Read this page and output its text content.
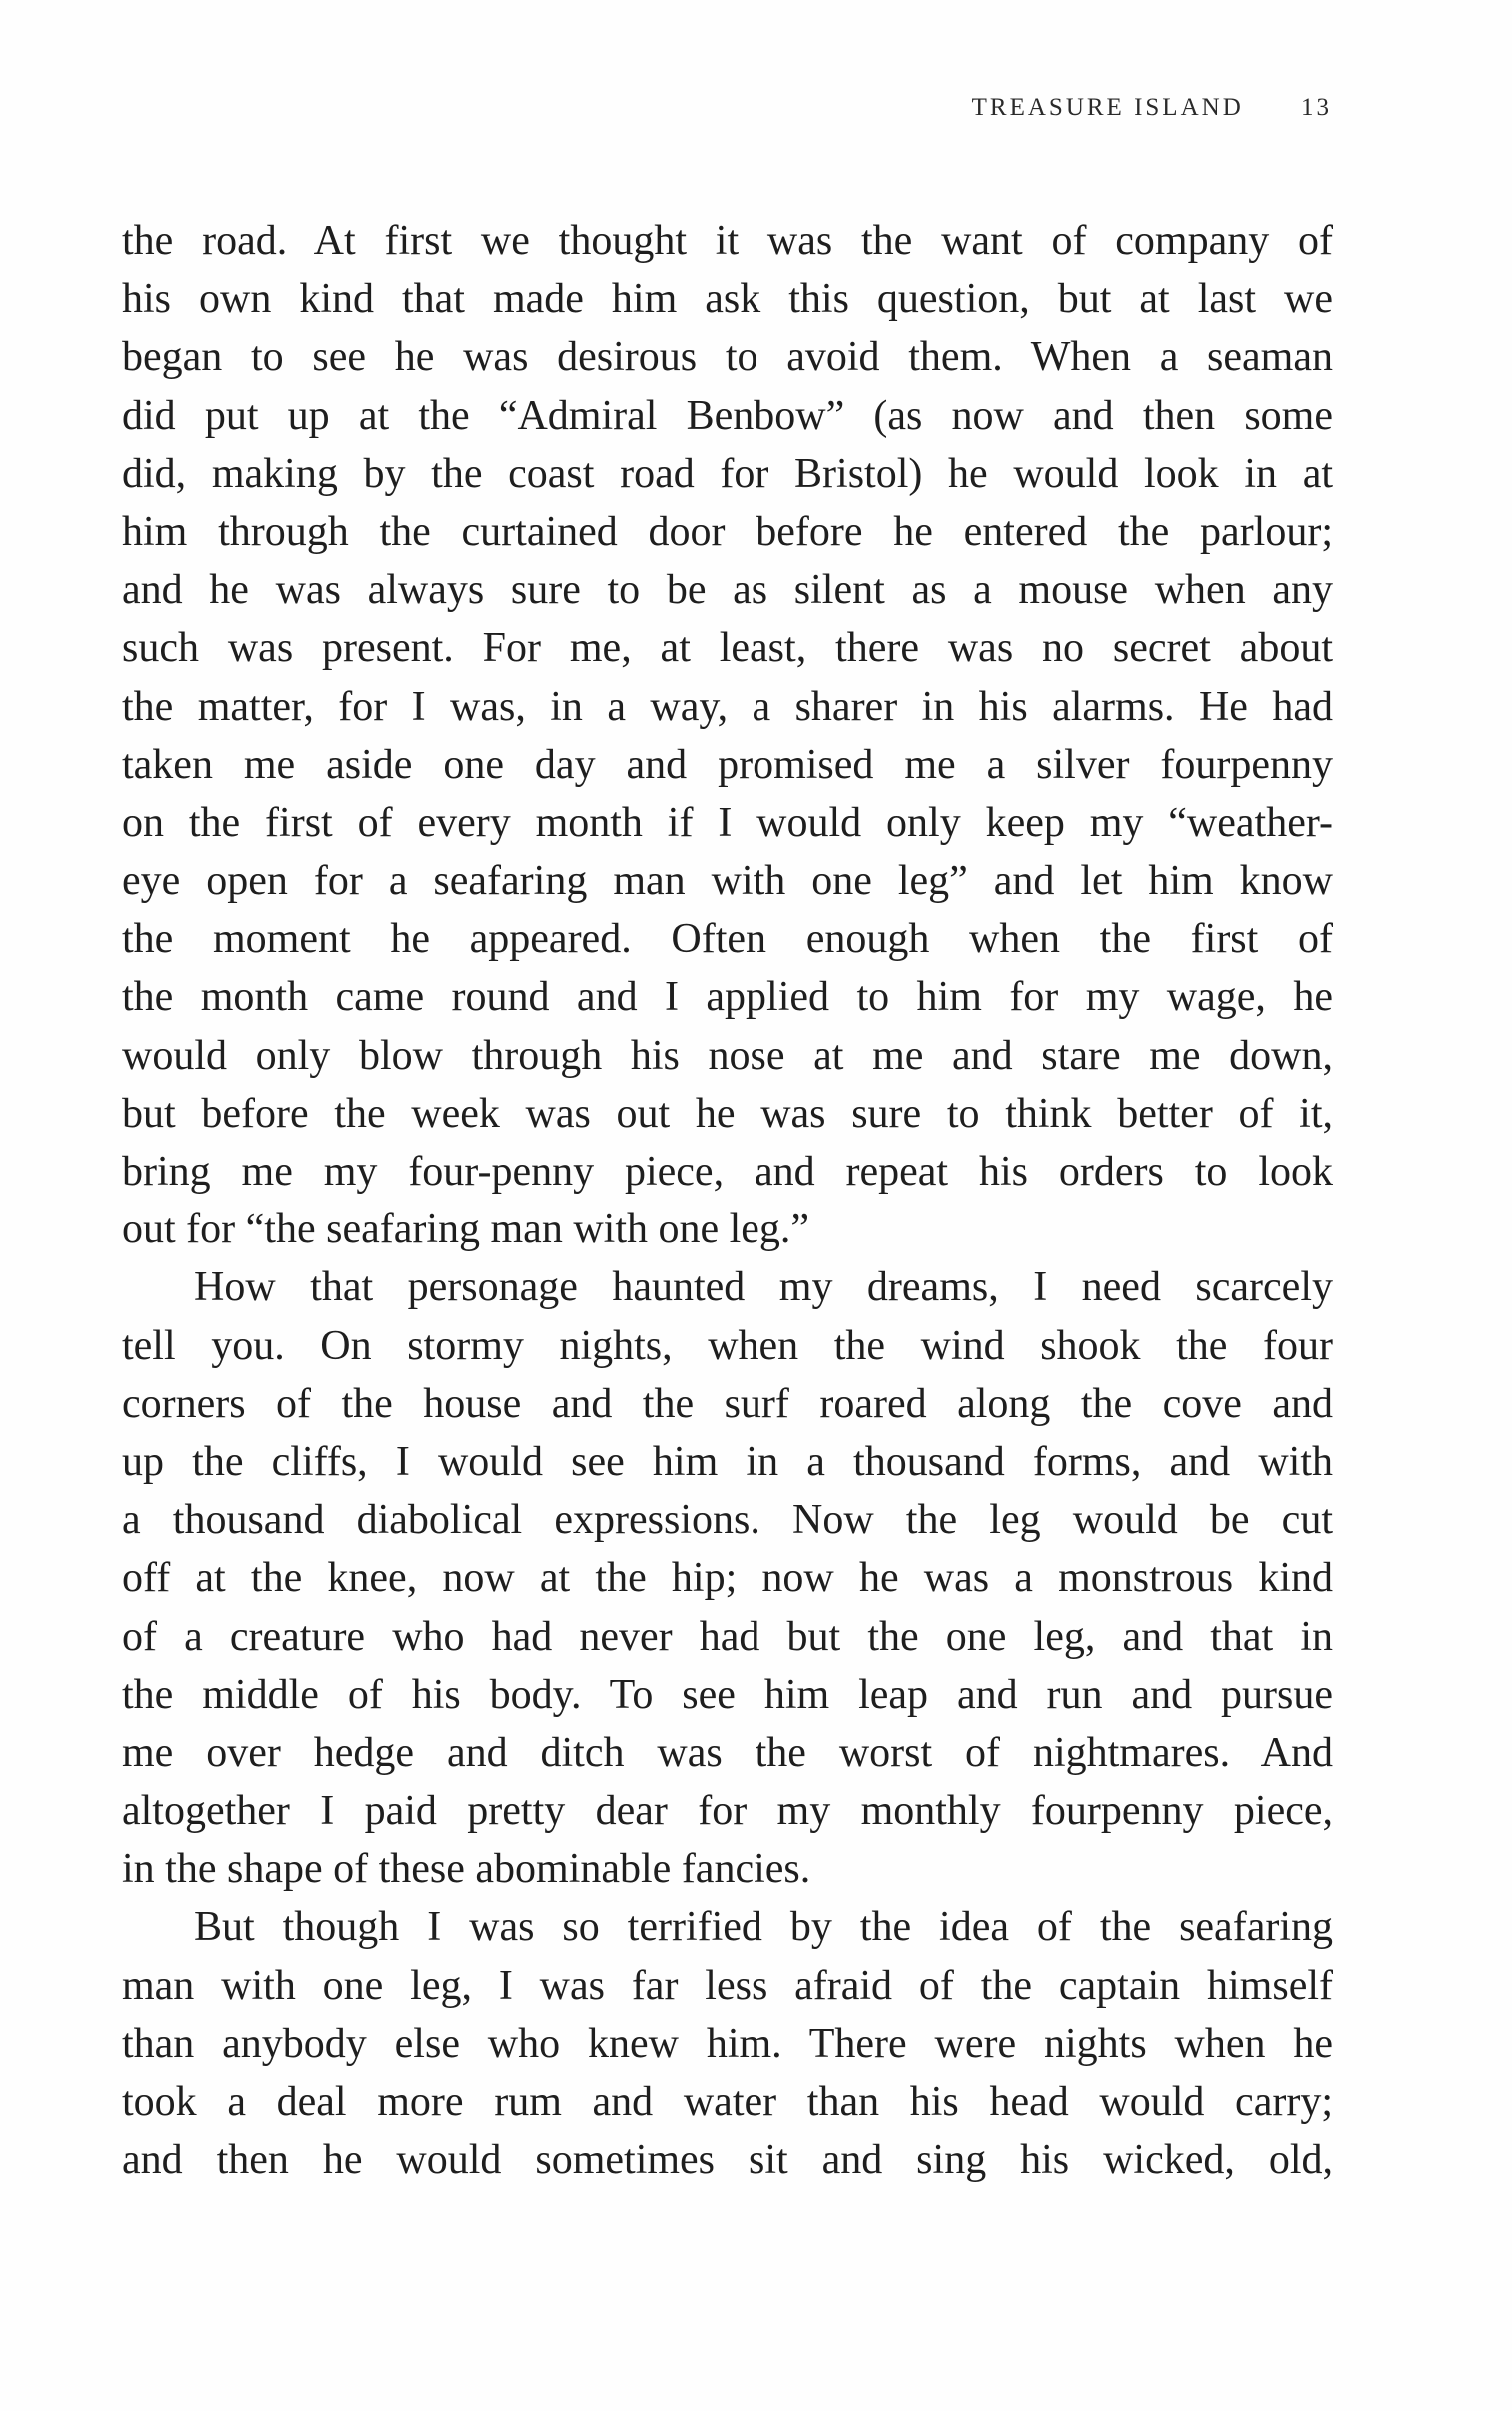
TREASURE ISLAND 13
the road. At first we thought it was the want of company of
his own kind that made him ask this question, but at last we
began to see he was desirous to avoid them. When a seaman
did put up at the “Admiral Benbow” (as now and then some
did, making by the coast road for Bristol) he would look in at
him through the curtained door before he entered the parlour;
and he was always sure to be as silent as a mouse when any
such was present. For me, at least, there was no secret about
the matter, for I was, in a way, a sharer in his alarms. He had
taken me aside one day and promised me a silver fourpenny
on the first of every month if I would only keep my “weather-
eye open for a seafaring man with one leg” and let him know
the moment he appeared. Often enough when the first of
the month came round and I applied to him for my wage, he
would only blow through his nose at me and stare me down,
but before the week was out he was sure to think better of it,
bring me my four-penny piece, and repeat his orders to look
out for “the seafaring man with one leg.”
How that personage haunted my dreams, I need scarcely
tell you. On stormy nights, when the wind shook the four
corners of the house and the surf roared along the cove and
up the cliffs, I would see him in a thousand forms, and with
a thousand diabolical expressions. Now the leg would be cut
off at the knee, now at the hip; now he was a monstrous kind
of a creature who had never had but the one leg, and that in
the middle of his body. To see him leap and run and pursue
me over hedge and ditch was the worst of nightmares. And
altogether I paid pretty dear for my monthly fourpenny piece,
in the shape of these abominable fancies.
But though I was so terrified by the idea of the seafaring
man with one leg, I was far less afraid of the captain himself
than anybody else who knew him. There were nights when he
took a deal more rum and water than his head would carry;
and then he would sometimes sit and sing his wicked, old,
